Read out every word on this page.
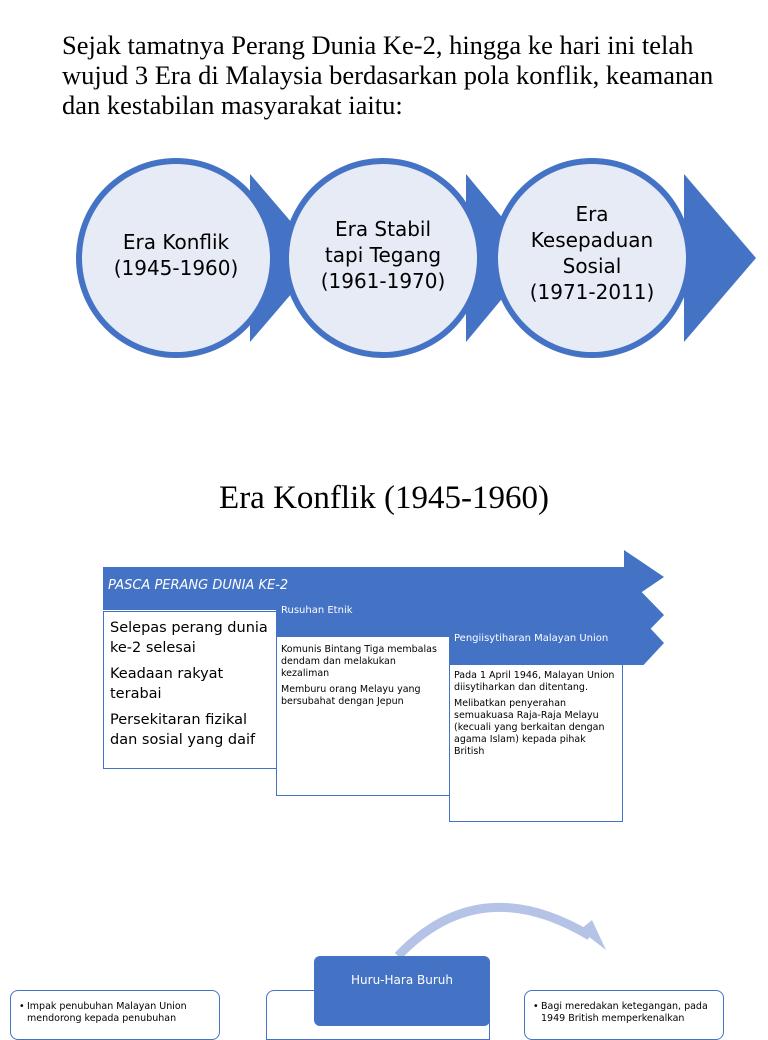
Sejak tamatnya Perang Dunia Ke-2, hingga ke hari ini telah wujud 3 Era di Malaysia berdasarkan pola konflik, keamanan dan kestabilan masyarakat iaitu:

Era Konflik
(1945-1960)
Era Stabil
tapi Tegang
(1961-1970)
Era
Kesepaduan
Sosial
(1971-2011)
Era Konflik (1945-1960)
PASCA PERANG DUNIA KE-2
Rusuhan Etnik
Pengiisytiharan Malayan Union

Selepas perang dunia ke-2 selesai

Keadaan rakyat terabai

Persekitaran fizikal dan sosial yang daif

Komunis Bintang Tiga membalas dendam dan melakukan kezaliman

Memburu orang Melayu yang bersubahat dengan Jepun

Pada 1 April 1946, Malayan Union diisytiharkan dan ditentang.

Melibatkan penyerahan semuakuasa Raja-Raja Melayu (kecuali yang berkaitan dengan agama Islam) kepada pihak British

• Impak penubuhan Malayan Union mendorong kepada penubuhan
Huru-Hara Buruh
• Bagi meredakan ketegangan, pada 1949 British memperkenalkan
